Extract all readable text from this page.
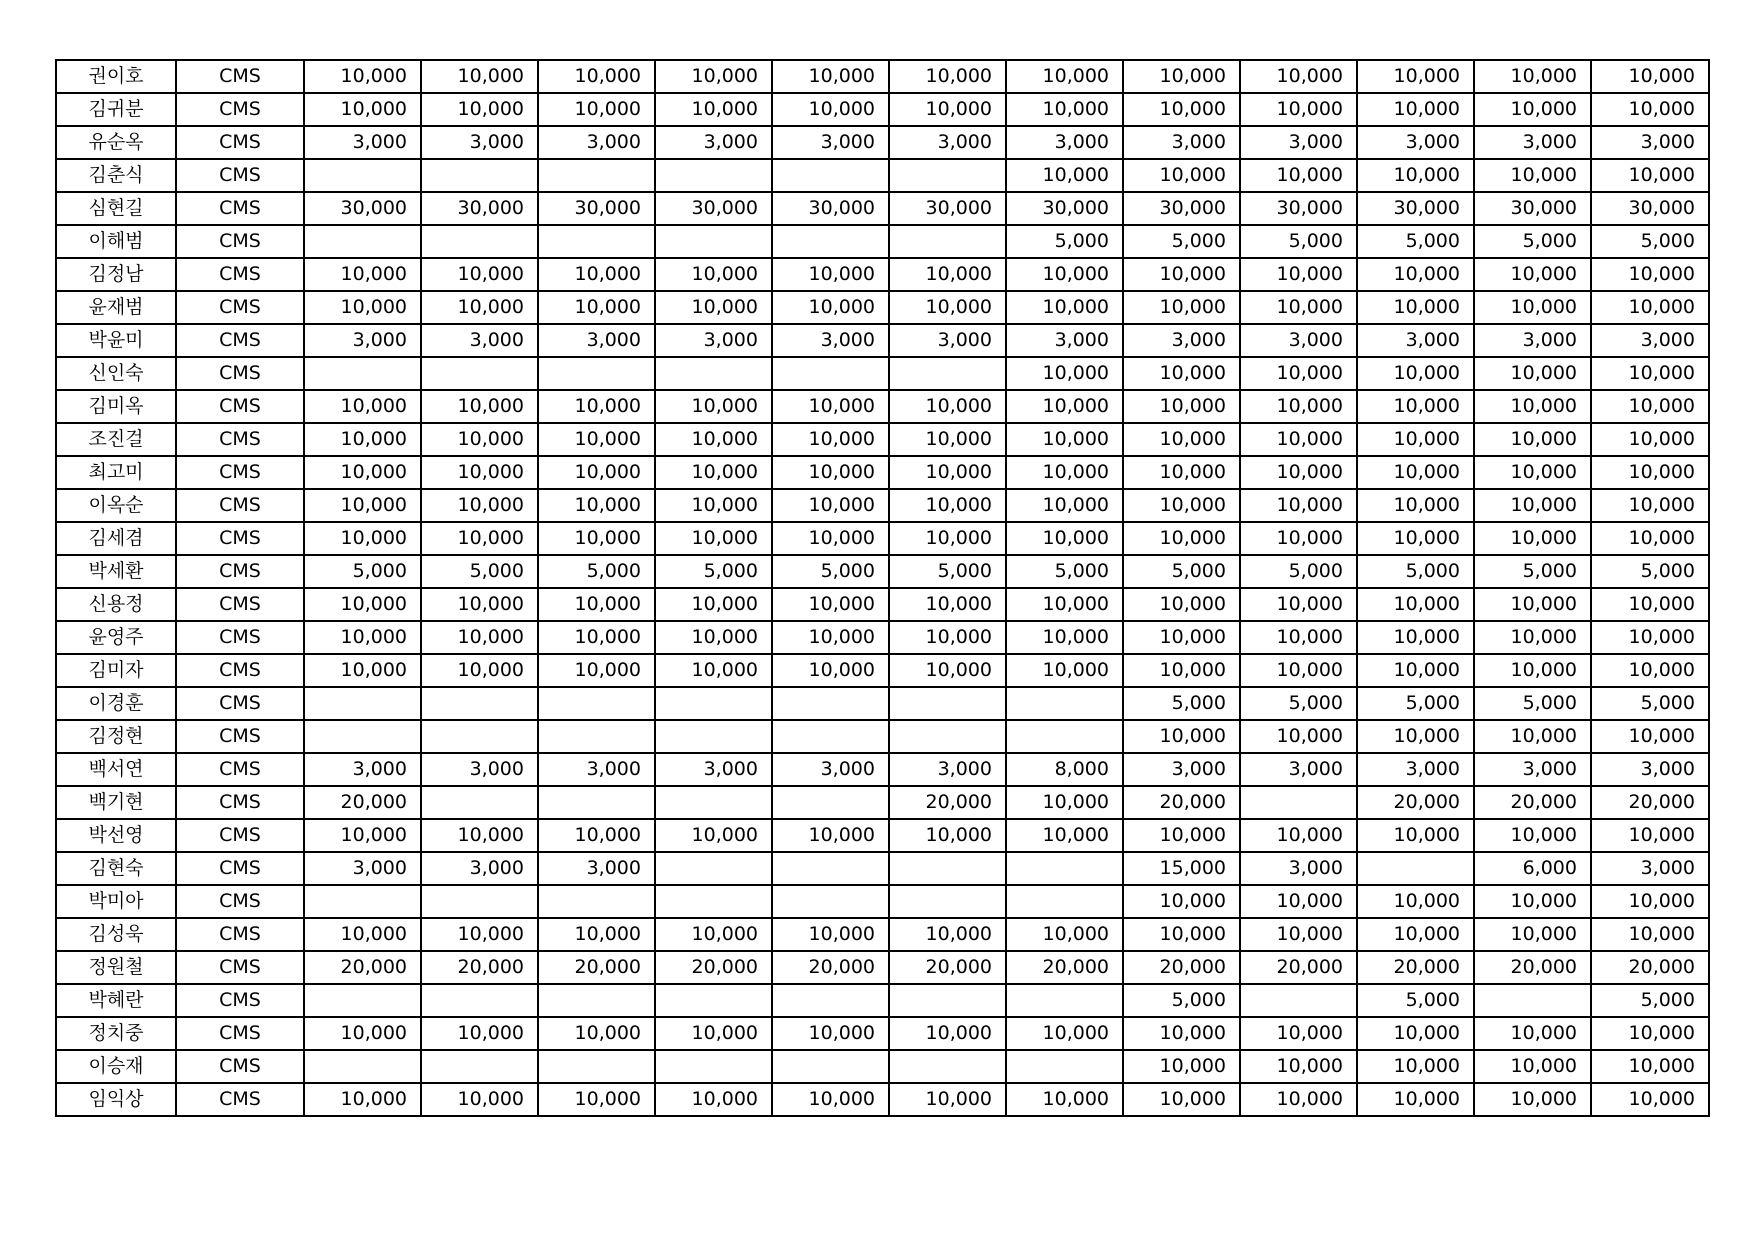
권이호	CMS	10,000	10,000	10,000	10,000	10,000	10,000	10,000	10,000	10,000	10,000	10,000	10,000
김귀분	CMS	10,000	10,000	10,000	10,000	10,000	10,000	10,000	10,000	10,000	10,000	10,000	10,000
유순옥	CMS	3,000	3,000	3,000	3,000	3,000	3,000	3,000	3,000	3,000	3,000	3,000	3,000
김춘식	CMS							10,000	10,000	10,000	10,000	10,000	10,000
심현길	CMS	30,000	30,000	30,000	30,000	30,000	30,000	30,000	30,000	30,000	30,000	30,000	30,000
이해범	CMS							5,000	5,000	5,000	5,000	5,000	5,000
김정남	CMS	10,000	10,000	10,000	10,000	10,000	10,000	10,000	10,000	10,000	10,000	10,000	10,000
윤재범	CMS	10,000	10,000	10,000	10,000	10,000	10,000	10,000	10,000	10,000	10,000	10,000	10,000
박윤미	CMS	3,000	3,000	3,000	3,000	3,000	3,000	3,000	3,000	3,000	3,000	3,000	3,000
신인숙	CMS							10,000	10,000	10,000	10,000	10,000	10,000
김미옥	CMS	10,000	10,000	10,000	10,000	10,000	10,000	10,000	10,000	10,000	10,000	10,000	10,000
조진걸	CMS	10,000	10,000	10,000	10,000	10,000	10,000	10,000	10,000	10,000	10,000	10,000	10,000
최고미	CMS	10,000	10,000	10,000	10,000	10,000	10,000	10,000	10,000	10,000	10,000	10,000	10,000
이옥순	CMS	10,000	10,000	10,000	10,000	10,000	10,000	10,000	10,000	10,000	10,000	10,000	10,000
김세겸	CMS	10,000	10,000	10,000	10,000	10,000	10,000	10,000	10,000	10,000	10,000	10,000	10,000
박세환	CMS	5,000	5,000	5,000	5,000	5,000	5,000	5,000	5,000	5,000	5,000	5,000	5,000
신용정	CMS	10,000	10,000	10,000	10,000	10,000	10,000	10,000	10,000	10,000	10,000	10,000	10,000
윤영주	CMS	10,000	10,000	10,000	10,000	10,000	10,000	10,000	10,000	10,000	10,000	10,000	10,000
김미자	CMS	10,000	10,000	10,000	10,000	10,000	10,000	10,000	10,000	10,000	10,000	10,000	10,000
이경훈	CMS								5,000	5,000	5,000	5,000	5,000
김정현	CMS								10,000	10,000	10,000	10,000	10,000
백서연	CMS	3,000	3,000	3,000	3,000	3,000	3,000	8,000	3,000	3,000	3,000	3,000	3,000
백기현	CMS	20,000					20,000	10,000	20,000		20,000	20,000	20,000
박선영	CMS	10,000	10,000	10,000	10,000	10,000	10,000	10,000	10,000	10,000	10,000	10,000	10,000
김현숙	CMS	3,000	3,000	3,000					15,000	3,000		6,000	3,000
박미아	CMS								10,000	10,000	10,000	10,000	10,000
김성욱	CMS	10,000	10,000	10,000	10,000	10,000	10,000	10,000	10,000	10,000	10,000	10,000	10,000
정원철	CMS	20,000	20,000	20,000	20,000	20,000	20,000	20,000	20,000	20,000	20,000	20,000	20,000
박혜란	CMS								5,000		5,000		5,000
정치중	CMS	10,000	10,000	10,000	10,000	10,000	10,000	10,000	10,000	10,000	10,000	10,000	10,000
이승재	CMS								10,000	10,000	10,000	10,000	10,000
임익상	CMS	10,000	10,000	10,000	10,000	10,000	10,000	10,000	10,000	10,000	10,000	10,000	10,000
